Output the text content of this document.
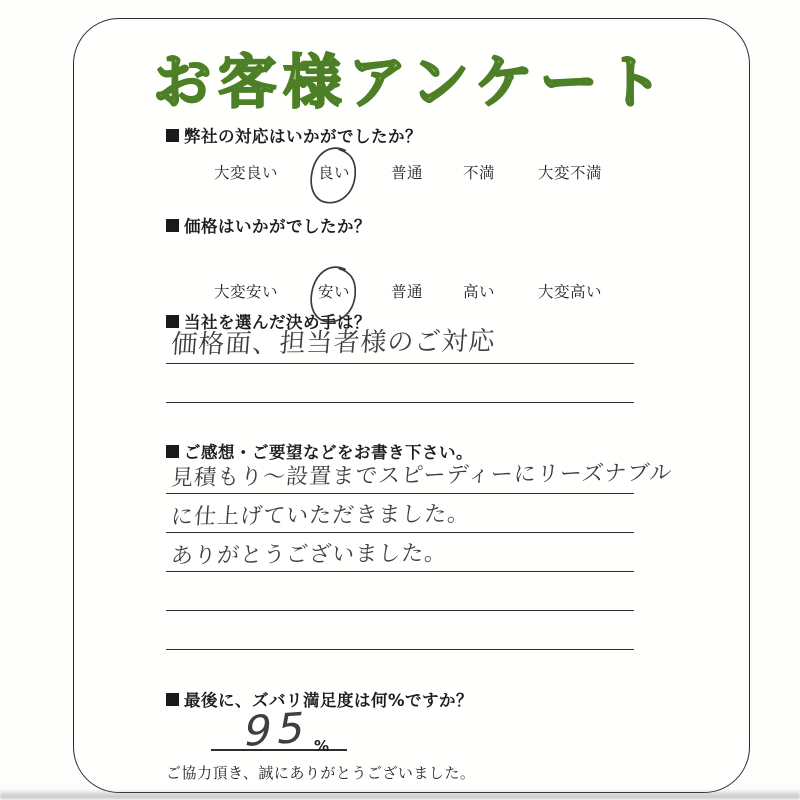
お客様アンケート
弊社の対応はいかがでしたか？
大変良い	良い	普通	不満	大変不満
価格はいかがでしたか？
大変安い	安い	普通	高い	大変高い
当社を選んだ決め手は？
価格面、担当者様のご対応
ご感想・ご要望などをお書き下さい。
見積もり～設置までスピーディーにリーズナブル
に仕上げていただきました。
ありがとうございました。
最後に、ズバリ満足度は何%ですか？
95
%
ご協力頂き、誠にありがとうございました。
